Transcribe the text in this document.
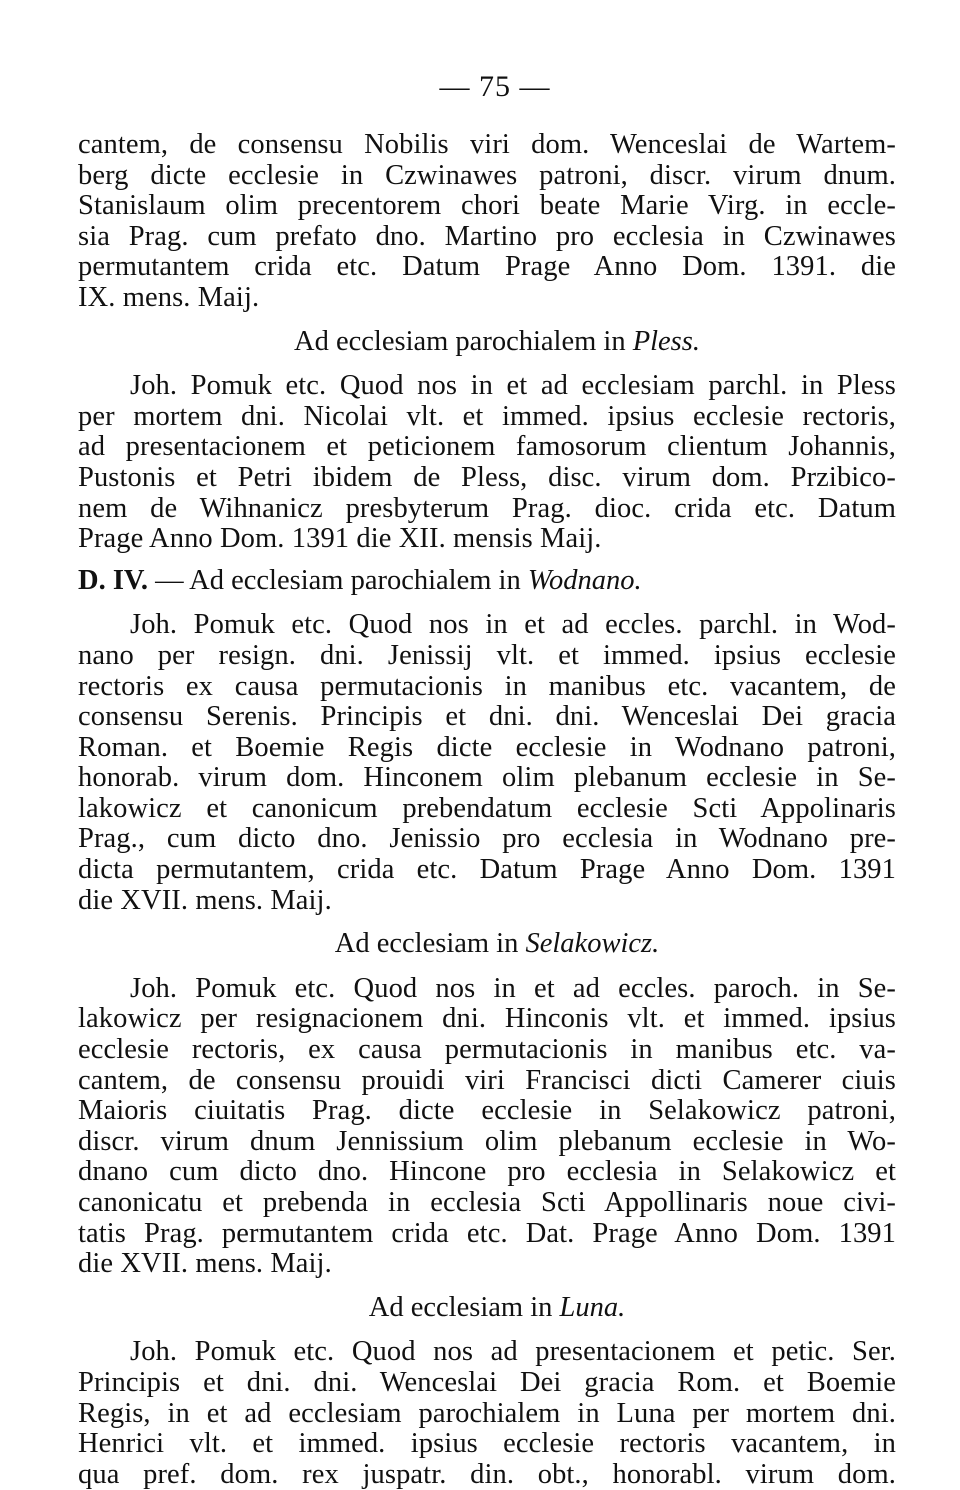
— 75 —
cantem, de consensu Nobilis viri dom. Wenceslai de Wartem-
berg dicte ecclesie in Czwinawes patroni, discr. virum dnum.
Stanislaum olim precentorem chori beate Marie Virg. in eccle-
sia Prag. cum prefato dno. Martino pro ecclesia in Czwinawes
permutantem crida etc. Datum Prage Anno Dom. 1391. die
IX. mens. Maij.
Ad ecclesiam parochialem in Pless.
Joh. Pomuk etc. Quod nos in et ad ecclesiam parchl. in Pless
per mortem dni. Nicolai vlt. et immed. ipsius ecclesie rectoris,
ad presentacionem et peticionem famosorum clientum Johannis,
Pustonis et Petri ibidem de Pless, disc. virum dom. Przibico-
nem de Wihnanicz presbyterum Prag. dioc. crida etc. Datum
Prage Anno Dom. 1391 die XII. mensis Maij.
D. IV. — Ad ecclesiam parochialem in Wodnano.
Joh. Pomuk etc. Quod nos in et ad eccles. parchl. in Wod-
nano per resign. dni. Jenissij vlt. et immed. ipsius ecclesie
rectoris ex causa permutacionis in manibus etc. vacantem, de
consensu Serenis. Principis et dni. dni. Wenceslai Dei gracia
Roman. et Boemie Regis dicte ecclesie in Wodnano patroni,
honorab. virum dom. Hinconem olim plebanum ecclesie in Se-
lakowicz et canonicum prebendatum ecclesie Scti Appolinaris
Prag., cum dicto dno. Jenissio pro ecclesia in Wodnano pre-
dicta permutantem, crida etc. Datum Prage Anno Dom. 1391
die XVII. mens. Maij.
Ad ecclesiam in Selakowicz.
Joh. Pomuk etc. Quod nos in et ad eccles. paroch. in Se-
lakowicz per resignacionem dni. Hinconis vlt. et immed. ipsius
ecclesie rectoris, ex causa permutacionis in manibus etc. va-
cantem, de consensu prouidi viri Francisci dicti Camerer ciuis
Maioris ciuitatis Prag. dicte ecclesie in Selakowicz patroni,
discr. virum dnum Jennissium olim plebanum ecclesie in Wo-
dnano cum dicto dno. Hincone pro ecclesia in Selakowicz et
canonicatu et prebenda in ecclesia Scti Appollinaris noue civi-
tatis Prag. permutantem crida etc. Dat. Prage Anno Dom. 1391
die XVII. mens. Maij.
Ad ecclesiam in Luna.
Joh. Pomuk etc. Quod nos ad presentacionem et petic. Ser.
Principis et dni. dni. Wenceslai Dei gracia Rom. et Boemie
Regis, in et ad ecclesiam parochialem in Luna per mortem dni.
Henrici vlt. et immed. ipsius ecclesie rectoris vacantem, in
qua pref. dom. rex juspatr. din. obt., honorabl. virum dom.
